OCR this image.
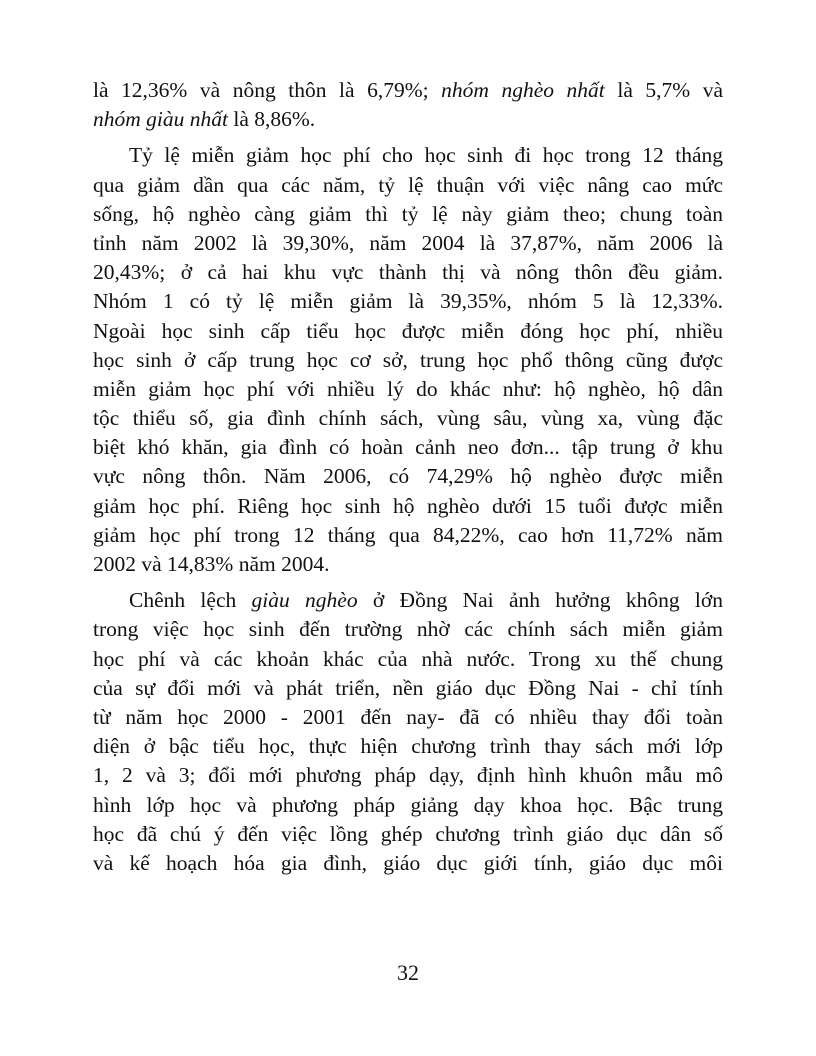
là 12,36% và nông thôn là 6,79%; nhóm nghèo nhất là 5,7% và
nhóm giàu nhất là 8,86%.
Tỷ lệ miễn giảm học phí cho học sinh đi học trong 12 tháng
qua giảm dần qua các năm, tỷ lệ thuận với việc nâng cao mức
sống, hộ nghèo càng giảm thì tỷ lệ này giảm theo; chung toàn
tỉnh năm 2002 là 39,30%, năm 2004 là 37,87%, năm 2006 là
20,43%; ở cả hai khu vực thành thị và nông thôn đều giảm.
Nhóm 1 có tỷ lệ miễn giảm là 39,35%, nhóm 5 là 12,33%.
Ngoài học sinh cấp tiểu học được miễn đóng học phí, nhiều
học sinh ở cấp trung học cơ sở, trung học phổ thông cũng được
miễn giảm học phí với nhiều lý do khác như: hộ nghèo, hộ dân
tộc thiểu số, gia đình chính sách, vùng sâu, vùng xa, vùng đặc
biệt khó khăn, gia đình có hoàn cảnh neo đơn... tập trung ở khu
vực nông thôn. Năm 2006, có 74,29% hộ nghèo được miễn
giảm học phí. Riêng học sinh hộ nghèo dưới 15 tuổi được miễn
giảm học phí trong 12 tháng qua 84,22%, cao hơn 11,72% năm
2002 và 14,83% năm 2004.
Chênh lệch giàu nghèo ở Đồng Nai ảnh hưởng không lớn
trong việc học sinh đến trường nhờ các chính sách miễn giảm
học phí và các khoản khác của nhà nước. Trong xu thế chung
của sự đổi mới và phát triển, nền giáo dục Đồng Nai - chỉ tính
từ năm học 2000 - 2001 đến nay- đã có nhiều thay đổi toàn
diện ở bậc tiểu học, thực hiện chương trình thay sách mới lớp
1, 2 và 3; đổi mới phương pháp dạy, định hình khuôn mẫu mô
hình lớp học và phương pháp giảng dạy khoa học. Bậc trung
học đã chú ý đến việc lồng ghép chương trình giáo dục dân số
và kế hoạch hóa gia đình, giáo dục giới tính, giáo dục môi
32
